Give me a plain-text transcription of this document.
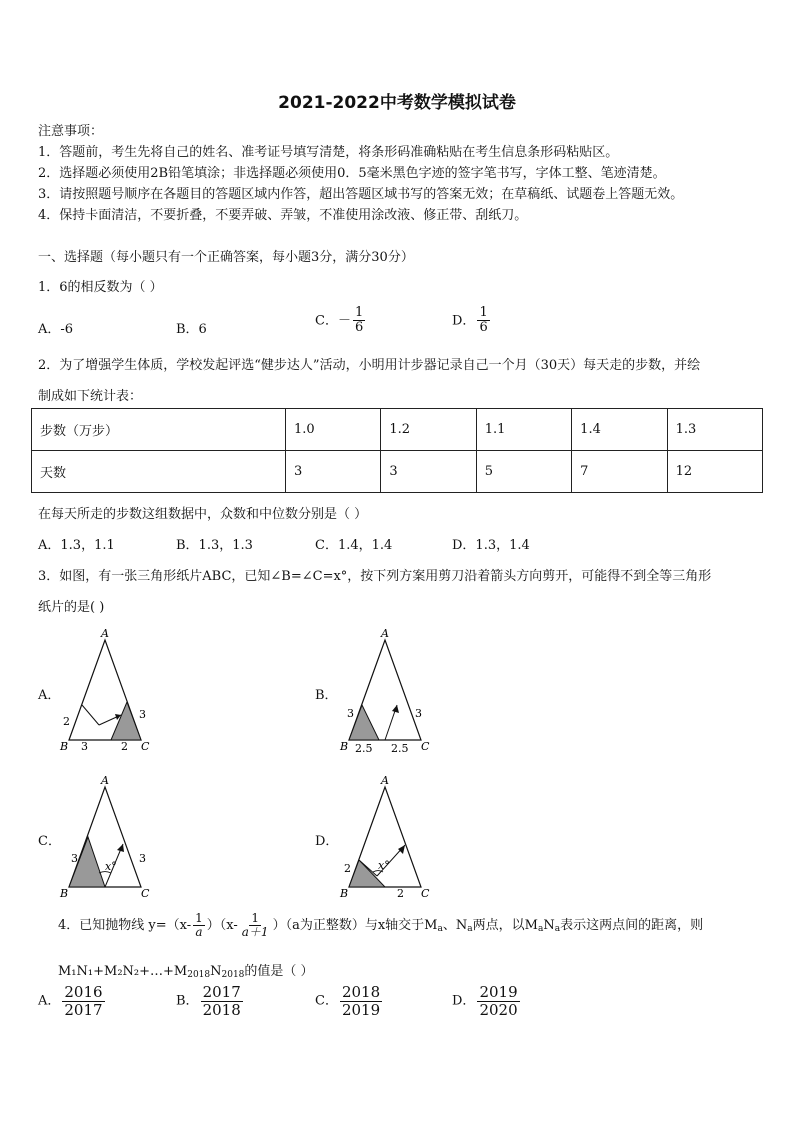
2021-2022中考数学模拟试卷
注意事项：
1．答题前，考生先将自己的姓名、准考证号填写清楚，将条形码准确粘贴在考生信息条形码粘贴区。
2．选择题必须使用2B铅笔填涂；非选择题必须使用0．5毫米黑色字迹的签字笔书写，字体工整、笔迹清楚。
3．请按照题号顺序在各题目的答题区域内作答，超出答题区域书写的答案无效；在草稿纸、试题卷上答题无效。
4．保持卡面清洁，不要折叠，不要弄破、弄皱，不准使用涂改液、修正带、刮纸刀。
一、选择题（每小题只有一个正确答案，每小题3分，满分30分）
1．6的相反数为（ ）
A．-6	B．6
C．－ $\frac{1}{6}$	D． $\frac{1}{6}$
2．为了增强学生体质，学校发起评选“健步达人”活动，小明用计步器记录自己一个月（30天）每天走的步数，并绘
制成如下统计表：
步数（万步）	1.0	1.2	1.1	1.4	1.3
天数	3	3	5	7	12
在每天所走的步数这组数据中，众数和中位数分别是（ ）
A．1.3，1.1	B．1.3，1.3	C．1.4，1.4	D．1.3，1.4
3．如图，有一张三角形纸片ABC，已知∠B=∠C=x°，按下列方案用剪刀沿着箭头方向剪开，可能得不到全等三角形
纸片的是( )
A．	B．
C．	D．
A
B	C
2
3	2
3
A
B	C
3
2.5 2.5
3
A
B	C
x°
3	3
A
B	C
x°
2
2
4．已知抛物线 $y=(x- \frac{1}{a} )(x- \frac{1}{a+1} )(a$为正整数）与x轴交于$M_a$、$N_a$两点，以$M_aN_a$表示这两点间的距离，则
$M_1N_1+M_2N_2+\dots+M_{2018}N_{2018}$的值是（ ）
A． $\frac{2016}{2017}$	B． $\frac{2017}{2018}$	C． $\frac{2018}{2019}$	D． $\frac{2019}{2020}$
